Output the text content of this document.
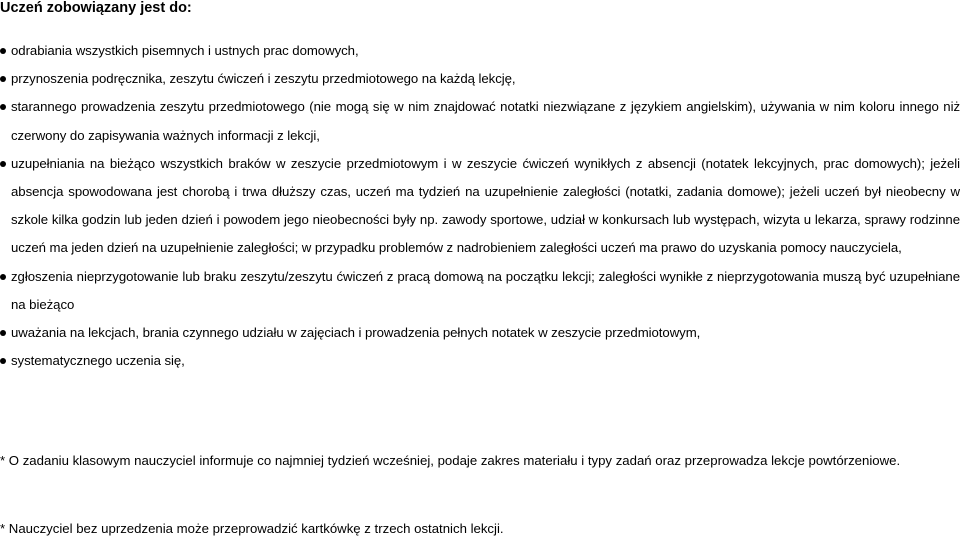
Uczeń zobowiązany jest do:
odrabiania wszystkich pisemnych i ustnych prac domowych,
przynoszenia podręcznika, zeszytu ćwiczeń i zeszytu przedmiotowego na każdą lekcję,
starannego prowadzenia zeszytu przedmiotowego (nie mogą się w nim znajdować notatki niezwiązane z językiem angielskim), używania w nim koloru innego niż czerwony do zapisywania ważnych informacji z lekcji,
uzupełniania na bieżąco wszystkich braków w zeszycie przedmiotowym i w zeszycie ćwiczeń wynikłych z absencji (notatek lekcyjnych, prac domowych); jeżeli absencja spowodowana jest chorobą i trwa dłuższy czas, uczeń ma tydzień na uzupełnienie zaległości (notatki, zadania domowe); jeżeli uczeń był nieobecny w szkole kilka godzin lub jeden dzień i powodem jego nieobecności były np. zawody sportowe, udział w konkursach lub występach, wizyta u lekarza, sprawy rodzinne uczeń ma jeden dzień na uzupełnienie zaległości; w przypadku problemów z nadrobieniem zaległości uczeń ma prawo do uzyskania pomocy nauczyciela,
zgłoszenia nieprzygotowanie lub braku zeszytu/zeszytu ćwiczeń z pracą domową na początku lekcji; zaległości wynikłe z nieprzygotowania muszą być uzupełniane na bieżąco
uważania na lekcjach, brania czynnego udziału w zajęciach i prowadzenia pełnych notatek w zeszycie przedmiotowym,
systematycznego uczenia się,

* O zadaniu klasowym nauczyciel informuje co najmniej tydzień wcześniej, podaje zakres materiału i typy zadań oraz przeprowadza lekcje powtórzeniowe.

* Nauczyciel bez uprzedzenia może przeprowadzić kartkówkę z trzech ostatnich lekcji.
